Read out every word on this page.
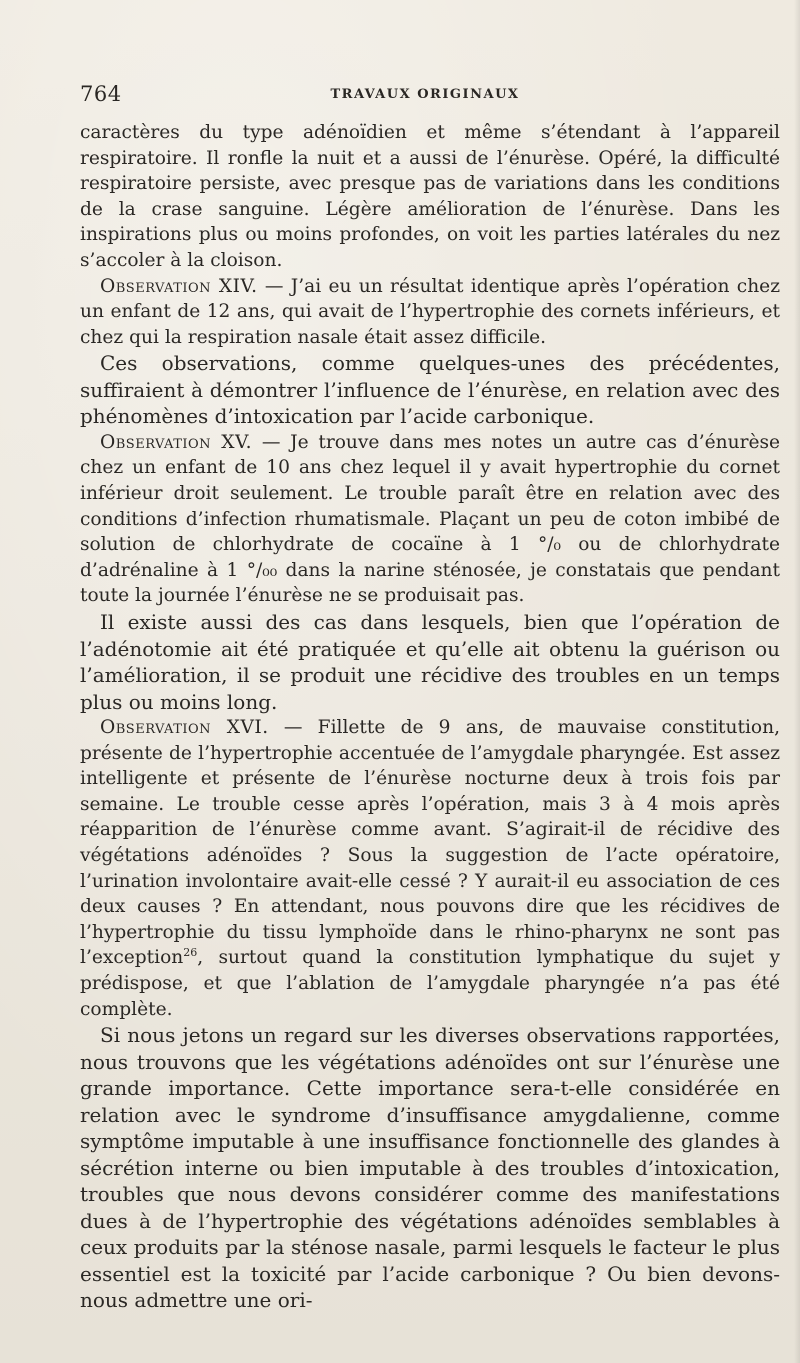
764	TRAVAUX ORIGINAUX

caractères du type adénoïdien et même s’étendant à l’appareil respiratoire. Il ronfle la nuit et a aussi de l’énurèse. Opéré, la difficulté respiratoire persiste, avec presque pas de variations dans les conditions de la crase sanguine. Légère amélioration de l’énurèse. Dans les inspirations plus ou moins profondes, on voit les parties latérales du nez s’accoler à la cloison.

Observation XIV. — J’ai eu un résultat identique après l’opération chez un enfant de 12 ans, qui avait de l’hypertrophie des cornets inférieurs, et chez qui la respiration nasale était assez difficile.

Ces observations, comme quelques-unes des précédentes, suffiraient à démontrer l’influence de l’énurèse, en relation avec des phénomènes d’intoxication par l’acide carbonique.

Observation XV. — Je trouve dans mes notes un autre cas d’énurèse chez un enfant de 10 ans chez lequel il y avait hypertrophie du cornet inférieur droit seulement. Le trouble paraît être en relation avec des conditions d’infection rhumatismale. Plaçant un peu de coton imbibé de solution de chlorhydrate de cocaïne à 1 °/₀ ou de chlorhydrate d’adrénaline à 1 °/₀₀ dans la narine sténosée, je constatais que pendant toute la journée l’énurèse ne se produisait pas.

Il existe aussi des cas dans lesquels, bien que l’opération de l’adénotomie ait été pratiquée et qu’elle ait obtenu la guérison ou l’amélioration, il se produit une récidive des troubles en un temps plus ou moins long.

Observation XVI. — Fillette de 9 ans, de mauvaise constitution, présente de l’hypertrophie accentuée de l’amygdale pharyngée. Est assez intelligente et présente de l’énurèse nocturne deux à trois fois par semaine. Le trouble cesse après l’opération, mais 3 à 4 mois après réapparition de l’énurèse comme avant. S’agirait-il de récidive des végétations adénoïdes ? Sous la suggestion de l’acte opératoire, l’urination involontaire avait-elle cessé ? Y aurait-il eu association de ces deux causes ? En attendant, nous pouvons dire que les récidives de l’hypertrophie du tissu lymphoïde dans le rhino-pharynx ne sont pas l’exception$^{26}$, surtout quand la constitution lymphatique du sujet y prédispose, et que l’ablation de l’amygdale pharyngée n’a pas été complète.

Si nous jetons un regard sur les diverses observations rapportées, nous trouvons que les végétations adénoïdes ont sur l’énurèse une grande importance. Cette importance sera-t-elle considérée en relation avec le syndrome d’insuffisance amygdalienne, comme symptôme imputable à une insuffisance fonctionnelle des glandes à sécrétion interne ou bien imputable à des troubles d’intoxication, troubles que nous devons considérer comme des manifestations dues à de l’hypertrophie des végétations adénoïdes semblables à ceux produits par la sténose nasale, parmi lesquels le facteur le plus essentiel est la toxicité par l’acide carbonique ? Ou bien devons-nous admettre une ori-
